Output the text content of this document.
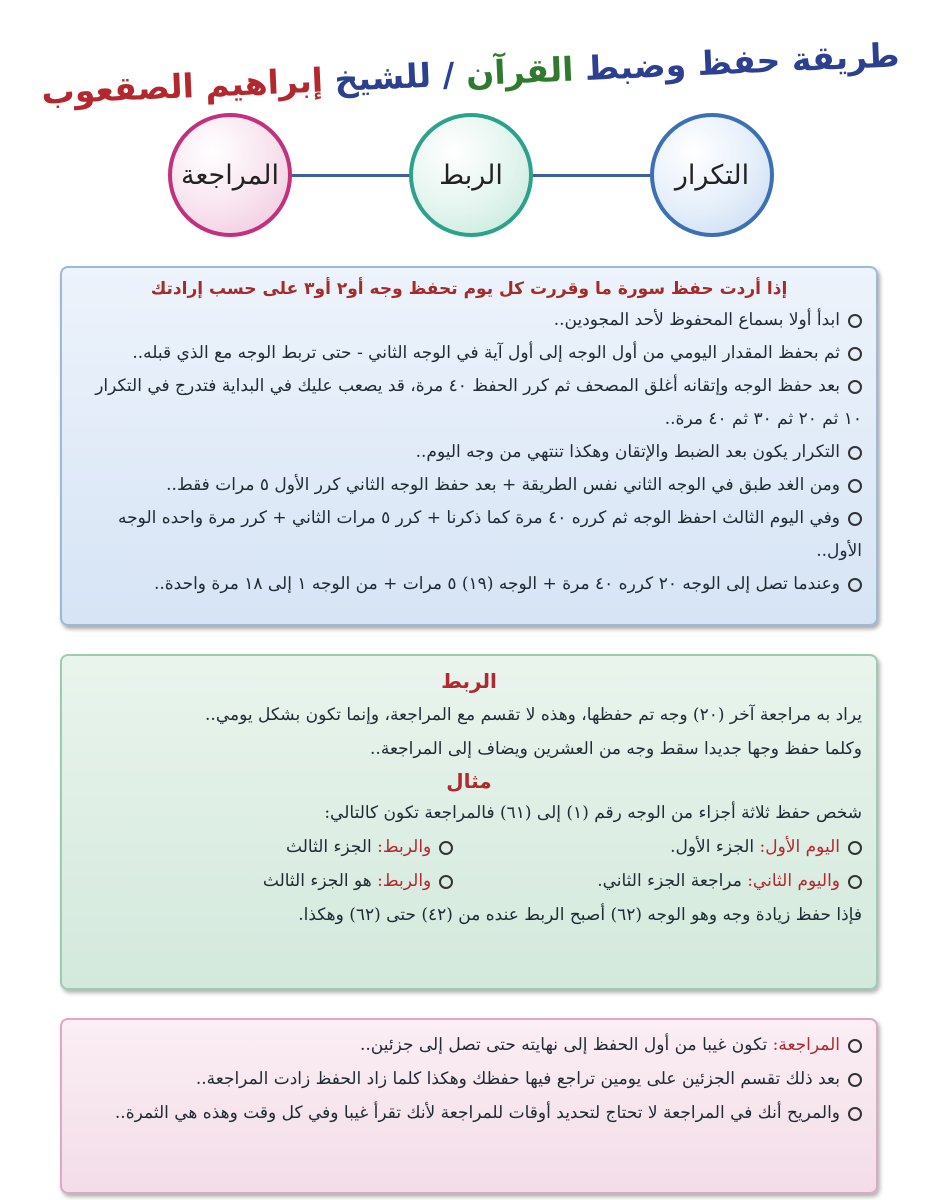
طريقة حفظ وضبط القرآن / للشيخ إبراهيم الصقعوب
التكرار
الربط
المراجعة
إذا أردت حفظ سورة ما وقررت كل يوم تحفظ وجه أو٢ أو٣ على حسب إرادتك
ابدأ أولا بسماع المحفوظ لأحد المجودين..
ثم بحفظ المقدار اليومي من أول الوجه إلى أول آية في الوجه الثاني - حتى تربط الوجه مع الذي قبله..
بعد حفظ الوجه وإتقانه أغلق المصحف ثم كرر الحفظ ٤٠ مرة، قد يصعب عليك في البداية فتدرج في التكرار ١٠ ثم ٢٠ ثم ٣٠ ثم ٤٠ مرة..
التكرار يكون بعد الضبط والإتقان وهكذا تنتهي من وجه اليوم..
ومن الغد طبق في الوجه الثاني نفس الطريقة + بعد حفظ الوجه الثاني كرر الأول ٥ مرات فقط..
وفي اليوم الثالث احفظ الوجه ثم كرره ٤٠ مرة كما ذكرنا + كرر ٥ مرات الثاني + كرر مرة واحده الوجه الأول..
وعندما تصل إلى الوجه ٢٠ كرره ٤٠ مرة + الوجه (١٩) ٥ مرات + من الوجه ١ إلى ١٨ مرة واحدة..
الربط
يراد به مراجعة آخر (٢٠) وجه تم حفظها، وهذه لا تقسم مع المراجعة، وإنما تكون بشكل يومي..
وكلما حفظ وجها جديدا سقط وجه من العشرين ويضاف إلى المراجعة..
مثال
شخص حفظ ثلاثة أجزاء من الوجه رقم (١) إلى (٦١) فالمراجعة تكون كالتالي:
اليوم الأول: الجزء الأول.
والربط: الجزء الثالث
واليوم الثاني: مراجعة الجزء الثاني.
والربط: هو الجزء الثالث
فإذا حفظ زيادة وجه وهو الوجه (٦٢) أصبح الربط عنده من (٤٢) حتى (٦٢) وهكذا.
المراجعة: تكون غيبا من أول الحفظ إلى نهايته حتى تصل إلى جزئين..
بعد ذلك تقسم الجزئين على يومين تراجع فيها حفظك وهكذا كلما زاد الحفظ زادت المراجعة..
والمريح أنك في المراجعة لا تحتاج لتحديد أوقات للمراجعة لأنك تقرأ غيبا وفي كل وقت وهذه هي الثمرة..
